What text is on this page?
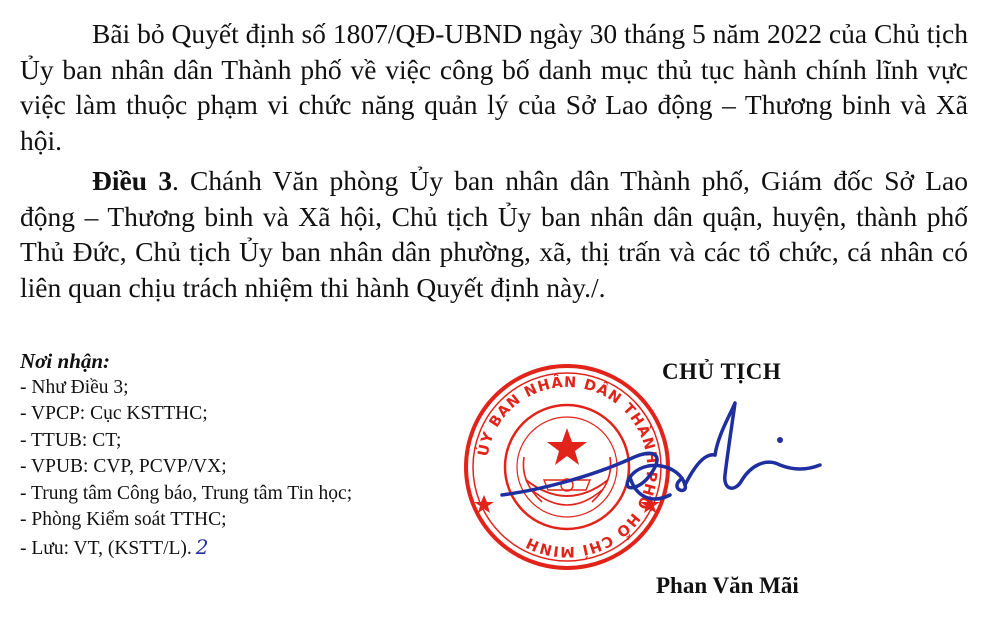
Bãi bỏ Quyết định số 1807/QĐ-UBND ngày 30 tháng 5 năm 2022 của Chủ tịch Ủy ban nhân dân Thành phố về việc công bố danh mục thủ tục hành chính lĩnh vực việc làm thuộc phạm vi chức năng quản lý của Sở Lao động – Thương binh và Xã hội.

Điều 3. Chánh Văn phòng Ủy ban nhân dân Thành phố, Giám đốc Sở Lao động – Thương binh và Xã hội, Chủ tịch Ủy ban nhân dân quận, huyện, thành phố Thủ Đức, Chủ tịch Ủy ban nhân dân phường, xã, thị trấn và các tổ chức, cá nhân có liên quan chịu trách nhiệm thi hành Quyết định này./.

Nơi nhận:
- Như Điều 3;
- VPCP: Cục KSTTHC;
- TTUB: CT;
- VPUB: CVP, PCVP/VX;
- Trung tâm Công báo, Trung tâm Tin học;
- Phòng Kiểm soát TTHC;
- Lưu: VT, (KSTT/L). 2
ỦY BAN NHÂN DÂN THÀNH PHỐ HỒ CHÍ MINH
CHỦ TỊCH
Phan Văn Mãi
